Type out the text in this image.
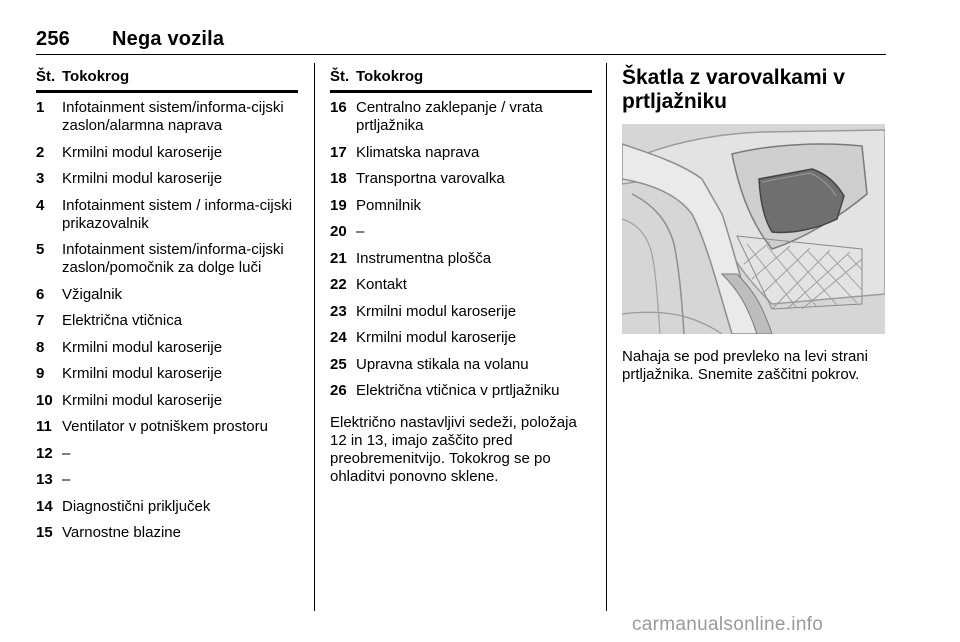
256 Nega vozila
Št. Tokokrog
1	Infotainment sistem/informa-cijski zaslon/alarmna naprava
2	Krmilni modul karoserije
3	Krmilni modul karoserije
4	Infotainment sistem / informa-cijski prikazovalnik
5	Infotainment sistem/informa-cijski zaslon/pomočnik za dolge luči
6	Vžigalnik
7	Električna vtičnica
8	Krmilni modul karoserije
9	Krmilni modul karoserije
10 Krmilni modul karoserije
11 Ventilator v potniškem prostoru
12 –
13 –
14 Diagnostični priključek
15 Varnostne blazine
Št. Tokokrog
16 Centralno zaklepanje / vrata prtljažnika
17 Klimatska naprava
18 Transportna varovalka
19 Pomnilnik
20 –
21 Instrumentna plošča
22 Kontakt
23 Krmilni modul karoserije
24 Krmilni modul karoserije
25 Upravna stikala na volanu
26 Električna vtičnica v prtljažniku
Električno nastavljivi sedeži, položaja 12 in 13, imajo zaščito pred preobremenitvijo. Tokokrog se po ohladitvi ponovno sklene.
Škatla z varovalkami v prtljažniku
Nahaja se pod prevleko na levi strani prtljažnika. Snemite zaščitni pokrov.
carmanualsonline.info
